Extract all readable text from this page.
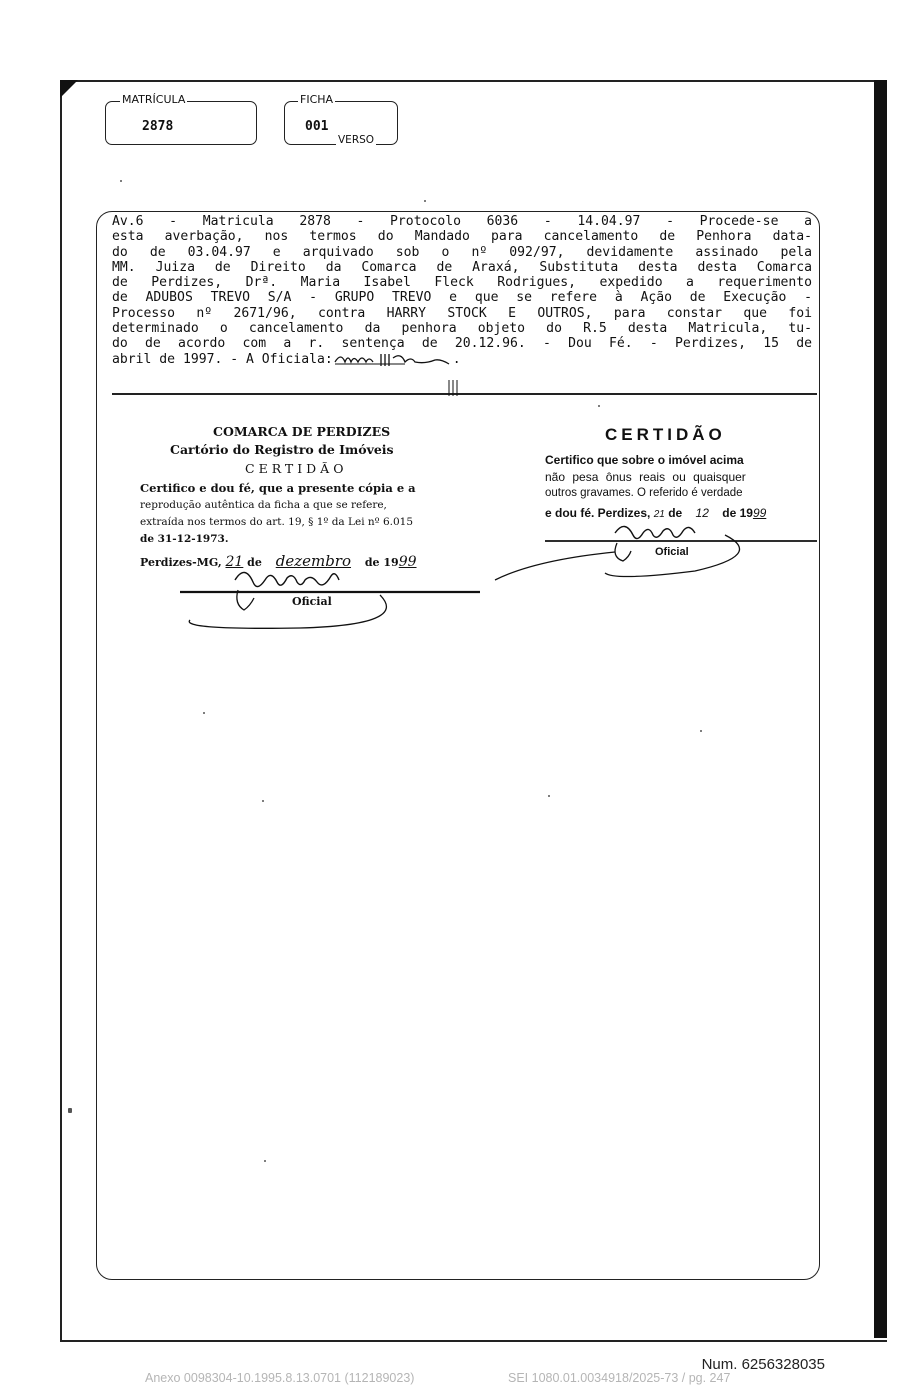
MATRÍCULA
2878
FICHA
001
VERSO
Av.6 - Matricula 2878 - Protocolo 6036 - 14.04.97 - Procede-se a
esta averbação, nos termos do Mandado para cancelamento de Penhora data-
do de 03.04.97 e arquivado sob o nº 092/97, devidamente assinado pela
MM. Juiza de Direito da Comarca de Araxá, Substituta desta desta Comarca
de Perdizes, Drª. Maria Isabel Fleck Rodrigues, expedido a requerimento
de ADUBOS TREVO S/A - GRUPO TREVO e que se refere à Ação de Execução -
Processo nº 2671/96, contra HARRY STOCK E OUTROS, para constar que foi
determinado o cancelamento da penhora objeto do R.5 desta Matricula, tu-
do de acordo com a r. sentença de 20.12.96. - Dou Fé. - Perdizes, 15 de
abril de 1997. - A Oficiala:	.
COMARCA DE PERDIZES
Cartório do Registro de Imóveis
CERTIDÃO
Certifico e dou fé, que a presente cópia e a
reprodução autêntica da ficha a que se refere,
extraída nos termos do art. 19, § 1º da Lei nº 6.015
de 31-12-1973.
Perdizes-MG, 21 de dezembro de 1999
Oficial
CERTIDÃO
Certifico que sobre o imóvel acima
não pesa ônus reais ou quaisquer
outros gravames. O referido é verdade
e dou fé. Perdizes, 21 de 12 de 1999
Oficial
Num. 6256328035
Anexo 0098304-10.1995.8.13.0701 (112189023)	SEI 1080.01.0034918/2025-73 / pg. 247
